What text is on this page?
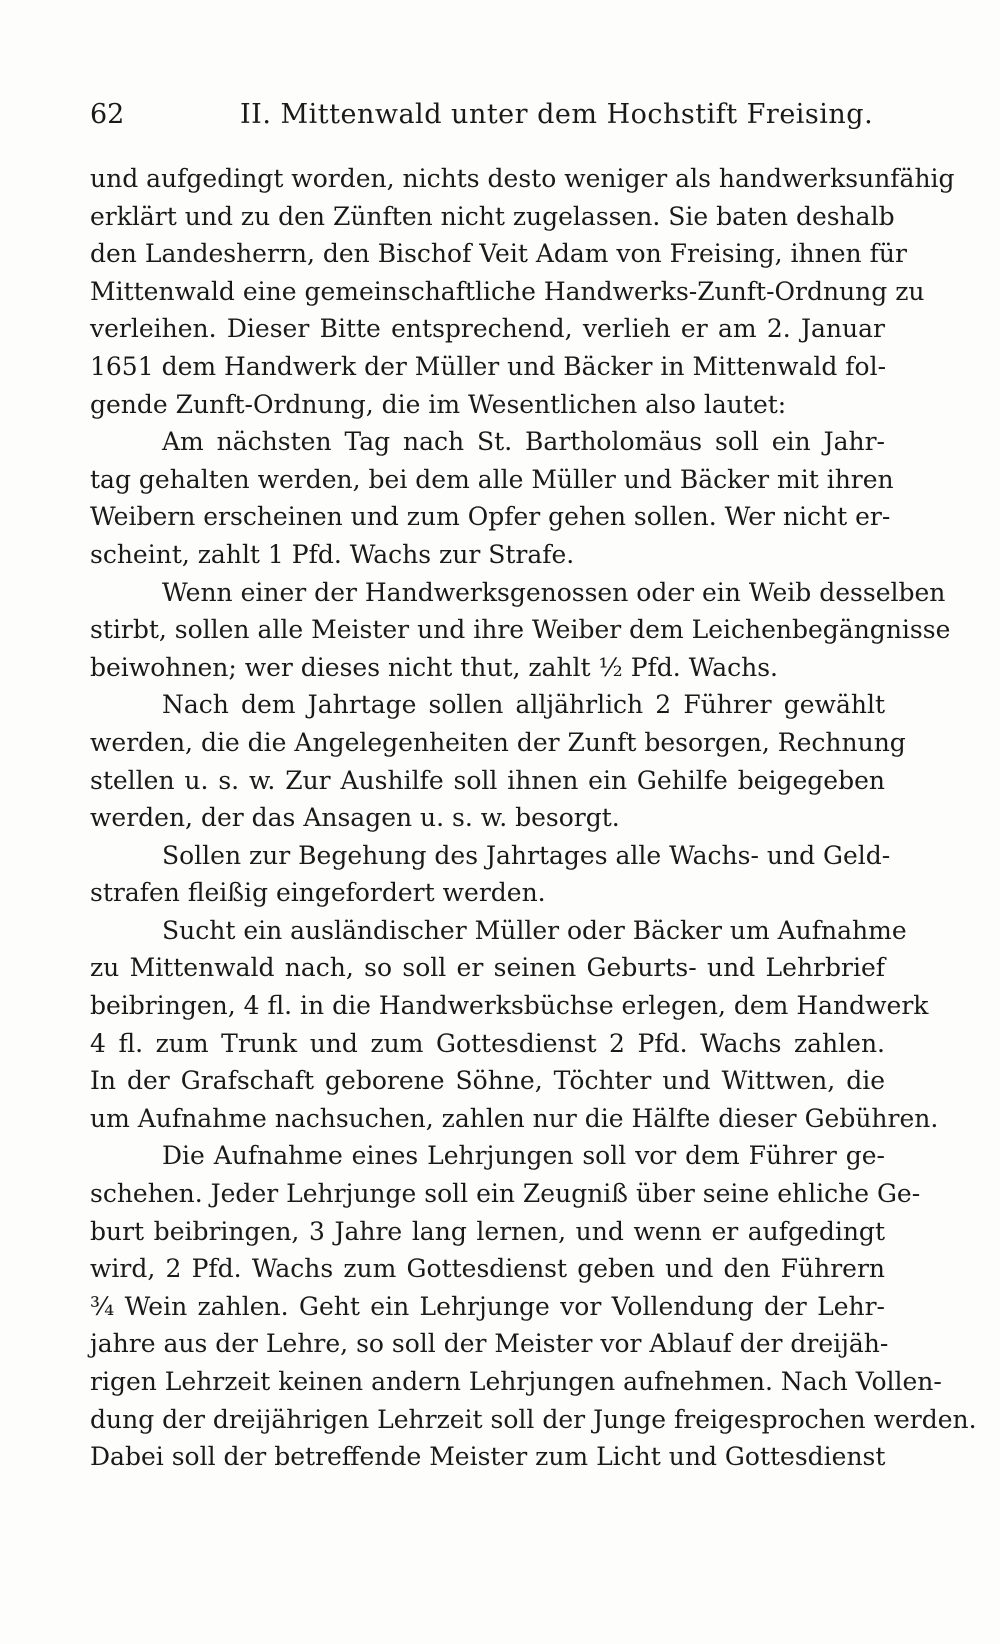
62	II. Mittenwald unter dem Hochstift Freising.
und aufgedingt worden, nichts desto weniger als handwerksunfähig
erklärt und zu den Zünften nicht zugelassen. Sie baten deshalb
den Landesherrn, den Bischof Veit Adam von Freising, ihnen für
Mittenwald eine gemeinschaftliche Handwerks-Zunft-Ordnung zu
verleihen. Dieser Bitte entsprechend, verlieh er am 2. Januar
1651 dem Handwerk der Müller und Bäcker in Mittenwald fol-
gende Zunft-Ordnung, die im Wesentlichen also lautet:
Am nächsten Tag nach St. Bartholomäus soll ein Jahr-
tag gehalten werden, bei dem alle Müller und Bäcker mit ihren
Weibern erscheinen und zum Opfer gehen sollen. Wer nicht er-
scheint, zahlt 1 Pfd. Wachs zur Strafe.
Wenn einer der Handwerksgenossen oder ein Weib desselben
stirbt, sollen alle Meister und ihre Weiber dem Leichenbegängnisse
beiwohnen; wer dieses nicht thut, zahlt ½ Pfd. Wachs.
Nach dem Jahrtage sollen alljährlich 2 Führer gewählt
werden, die die Angelegenheiten der Zunft besorgen, Rechnung
stellen u. s. w. Zur Aushilfe soll ihnen ein Gehilfe beigegeben
werden, der das Ansagen u. s. w. besorgt.
Sollen zur Begehung des Jahrtages alle Wachs- und Geld-
strafen fleißig eingefordert werden.
Sucht ein ausländischer Müller oder Bäcker um Aufnahme
zu Mittenwald nach, so soll er seinen Geburts- und Lehrbrief
beibringen, 4 fl. in die Handwerksbüchse erlegen, dem Handwerk
4 fl. zum Trunk und zum Gottesdienst 2 Pfd. Wachs zahlen.
In der Grafschaft geborene Söhne, Töchter und Wittwen, die
um Aufnahme nachsuchen, zahlen nur die Hälfte dieser Gebühren.
Die Aufnahme eines Lehrjungen soll vor dem Führer ge-
schehen. Jeder Lehrjunge soll ein Zeugniß über seine ehliche Ge-
burt beibringen, 3 Jahre lang lernen, und wenn er aufgedingt
wird, 2 Pfd. Wachs zum Gottesdienst geben und den Führern
¾ Wein zahlen. Geht ein Lehrjunge vor Vollendung der Lehr-
jahre aus der Lehre, so soll der Meister vor Ablauf der dreijäh-
rigen Lehrzeit keinen andern Lehrjungen aufnehmen. Nach Vollen-
dung der dreijährigen Lehrzeit soll der Junge freigesprochen werden.
Dabei soll der betreffende Meister zum Licht und Gottesdienst
